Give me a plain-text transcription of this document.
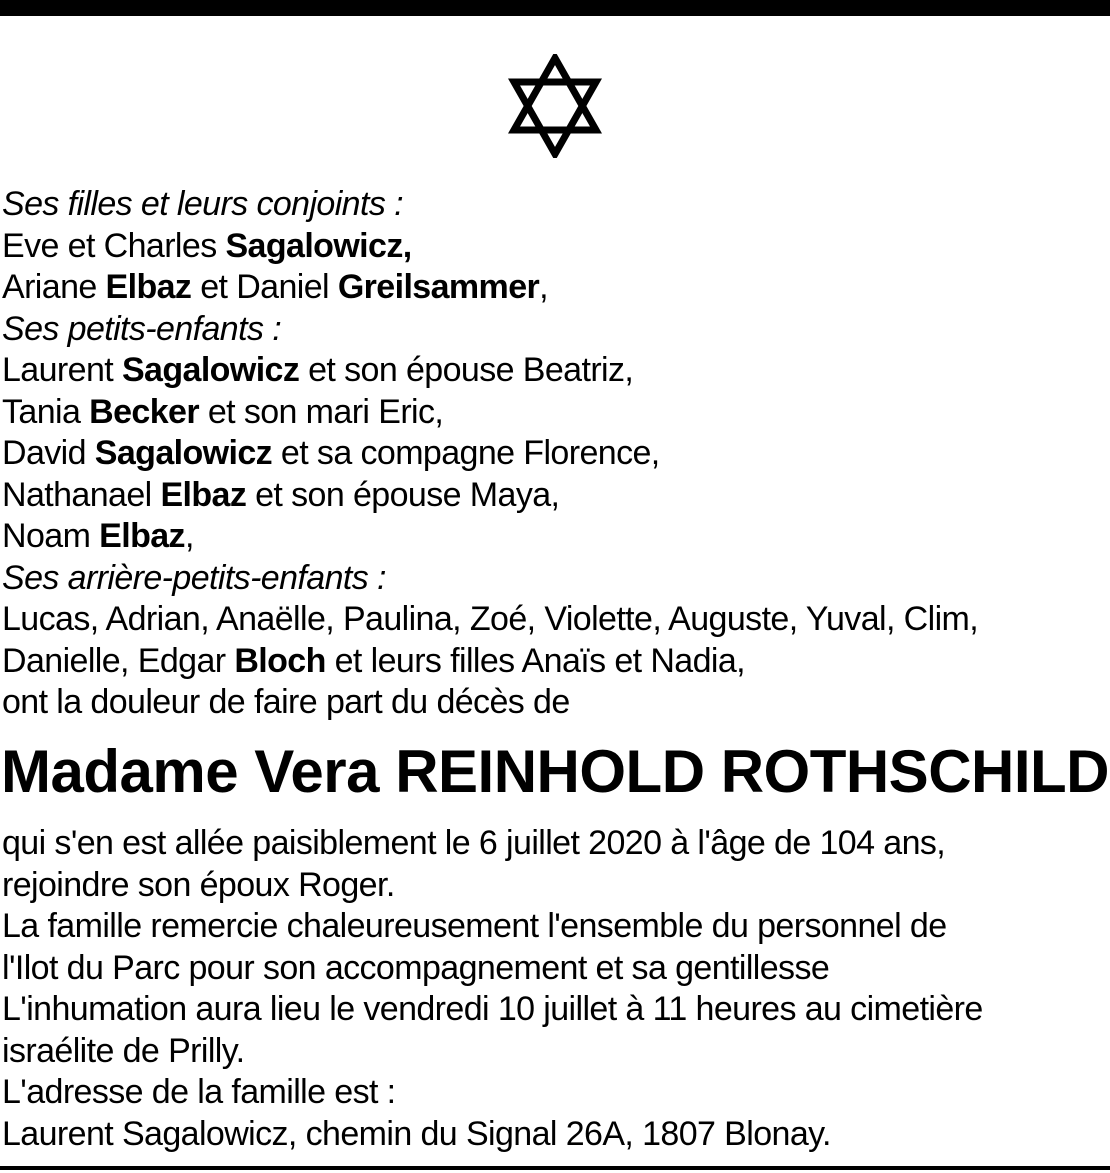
Ses filles et leurs conjoints :
Eve et Charles Sagalowicz,
Ariane Elbaz et Daniel Greilsammer,
Ses petits-enfants :
Laurent Sagalowicz et son épouse Beatriz,
Tania Becker et son mari Eric,
David Sagalowicz et sa compagne Florence,
Nathanael Elbaz et son épouse Maya,
Noam Elbaz,
Ses arrière-petits-enfants :
Lucas, Adrian, Anaëlle, Paulina, Zoé, Violette, Auguste, Yuval, Clim,
Danielle, Edgar Bloch et leurs filles Anaïs et Nadia,
ont la douleur de faire part du décès de
Madame Vera REINHOLD ROTHSCHILD
qui s'en est allée paisiblement le 6 juillet 2020 à l'âge de 104 ans,
rejoindre son époux Roger.
La famille remercie chaleureusement l'ensemble du personnel de
l'Ilot du Parc pour son accompagnement et sa gentillesse
L'inhumation aura lieu le vendredi 10 juillet à 11 heures au cimetière
israélite de Prilly.
L'adresse de la famille est :
Laurent Sagalowicz, chemin du Signal 26A, 1807 Blonay.
